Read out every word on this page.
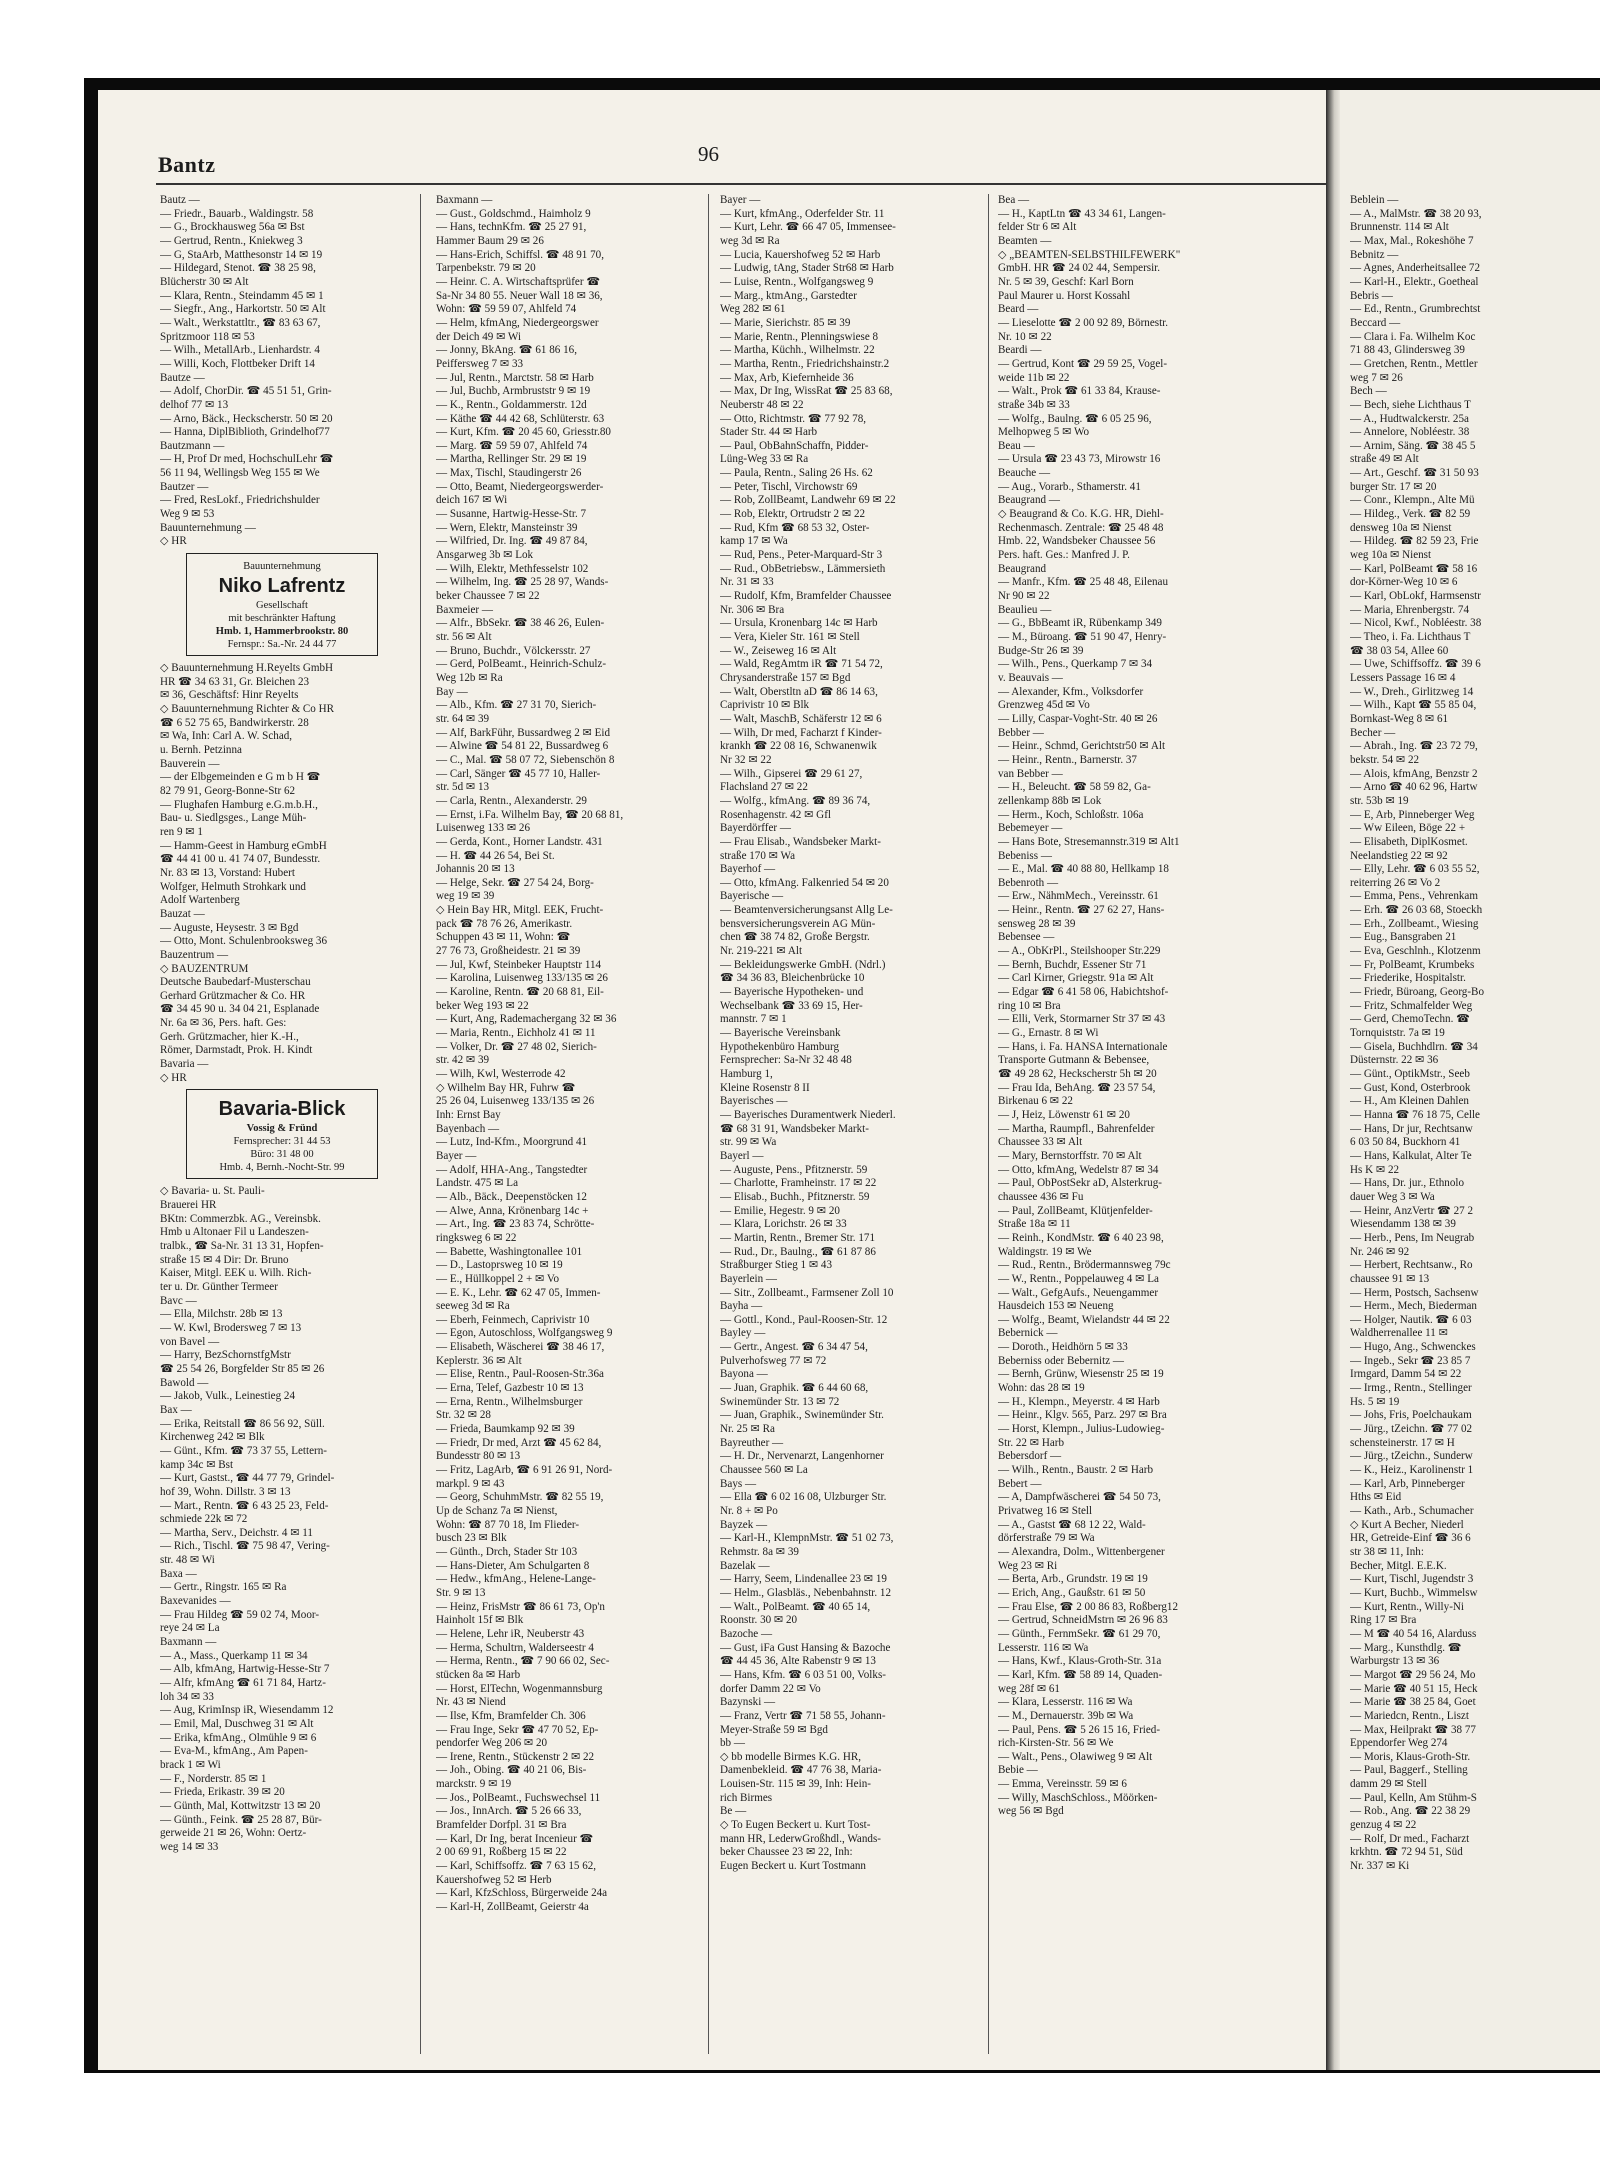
Bantz	96
Bautz —
— Friedr., Bauarb., Waldingstr. 58
— G., Brockhausweg 56a ✉ Bst
— Gertrud, Rentn., Kniekweg 3
— G, StaArb, Matthesonstr 14 ✉ 19
— Hildegard, Stenot. ☎ 38 25 98,
Blücherstr 30 ✉ Alt
— Klara, Rentn., Steindamm 45 ✉ 1
— Siegfr., Ang., Harkortstr. 50 ✉ Alt
— Walt., Werkstattltr., ☎ 83 63 67,
Spritzmoor 118 ✉ 53
— Wilh., MetallArb., Lienhardstr. 4
— Willi, Koch, Flottbeker Drift 14
Bautze —
— Adolf, ChorDir. ☎ 45 51 51, Grin-
delhof 77 ✉ 13
— Arno, Bäck., Heckscherstr. 50 ✉ 20
— Hanna, DiplBiblioth, Grindelhof77
Bautzmann —
— H, Prof Dr med, HochschulLehr ☎
56 11 94, Wellingsb Weg 155 ✉ We
Bautzer —
— Fred, ResLokf., Friedrichshulder
Weg 9 ✉ 53
Bauunternehmung —
◇ HR
Bauunternehmung
Niko Lafrentz
Gesellschaft
mit beschränkter Haftung
Hmb. 1, Hammerbrookstr. 80
Fernspr.: Sa.-Nr. 24 44 77
◇ Bauunternehmung H.Reyelts GmbH
HR ☎ 34 63 31, Gr. Bleichen 23
✉ 36, Geschäftsf: Hinr Reyelts
◇ Bauunternehmung Richter & Co HR
☎ 6 52 75 65, Bandwirkerstr. 28
✉ Wa, Inh: Carl A. W. Schad,
u. Bernh. Petzinna
Bauverein —
— der Elbgemeinden e G m b H ☎
82 79 91, Georg-Bonne-Str 62
— Flughafen Hamburg e.G.m.b.H.,
Bau- u. Siedlgsges., Lange Müh-
ren 9 ✉ 1
— Hamm-Geest in Hamburg eGmbH
☎ 44 41 00 u. 41 74 07, Bundesstr.
Nr. 83 ✉ 13, Vorstand: Hubert
Wolfger, Helmuth Strohkark und
Adolf Wartenberg
Bauzat —
— Auguste, Heysestr. 3 ✉ Bgd
— Otto, Mont. Schulenbrooksweg 36
Bauzentrum —
◇ BAUZENTRUM
Deutsche Baubedarf-Musterschau
Gerhard Grützmacher & Co. HR
☎ 34 45 90 u. 34 04 21, Esplanade
Nr. 6a ✉ 36, Pers. haft. Ges:
Gerh. Grützmacher, hier K.-H.,
Römer, Darmstadt, Prok. H. Kindt
Bavaria —
◇ HR
Bavaria-Blick
Vossig & Fründ
Fernsprecher: 31 44 53
Büro: 31 48 00
Hmb. 4, Bernh.-Nocht-Str. 99
◇ Bavaria- u. St. Pauli-
Brauerei HR
BKtn: Commerzbk. AG., Vereinsbk.
Hmb u Altonaer Fil u Landeszen-
tralbk., ☎ Sa-Nr. 31 13 31, Hopfen-
straße 15 ✉ 4 Dir: Dr. Bruno
Kaiser, Mitgl. EEK u. Wilh. Rich-
ter u. Dr. Günther Termeer
Bavc —
— Ella, Milchstr. 28b ✉ 13
— W. Kwl, Brodersweg 7 ✉ 13
von Bavel —
— Harry, BezSchornstfgMstr
☎ 25 54 26, Borgfelder Str 85 ✉ 26
Bawold —
— Jakob, Vulk., Leinestieg 24
Bax —
— Erika, Reitstall ☎ 86 56 92, Süll.
Kirchenweg 242 ✉ Blk
— Günt., Kfm. ☎ 73 37 55, Lettern-
kamp 34c ✉ Bst
— Kurt, Gastst., ☎ 44 77 79, Grindel-
hof 39, Wohn. Dillstr. 3 ✉ 13
— Mart., Rentn. ☎ 6 43 25 23, Feld-
schmiede 22k ✉ 72
— Martha, Serv., Deichstr. 4 ✉ 11
— Rich., Tischl. ☎ 75 98 47, Vering-
str. 48 ✉ Wi
Baxa —
— Gertr., Ringstr. 165 ✉ Ra
Baxevanides —
— Frau Hildeg ☎ 59 02 74, Moor-
reye 24 ✉ La
Baxmann —
— A., Mass., Querkamp 11 ✉ 34
— Alb, kfmAng, Hartwig-Hesse-Str 7
— Alfr, kfmAng ☎ 61 71 84, Hartz-
loh 34 ✉ 33
— Aug, KrimInsp iR, Wiesendamm 12
— Emil, Mal, Duschweg 31 ✉ Alt
— Erika, kfmAng., Olmühle 9 ✉ 6
— Eva-M., kfmAng., Am Papen-
brack 1 ✉ Wi
— F., Norderstr. 85 ✉ 1
— Frieda, Erikastr. 39 ✉ 20
— Günth, Mal, Kottwitzstr 13 ✉ 20
— Günth., Feink. ☎ 25 28 87, Bür-
gerweide 21 ✉ 26, Wohn: Oertz-
weg 14 ✉ 33
Baxmann —
— Gust., Goldschmd., Haimholz 9
— Hans, technKfm. ☎ 25 27 91,
Hammer Baum 29 ✉ 26
— Hans-Erich, Schiffsl. ☎ 48 91 70,
Tarpenbekstr. 79 ✉ 20
— Heinr. C. A. Wirtschaftsprüfer ☎
Sa-Nr 34 80 55. Neuer Wall 18 ✉ 36,
Wohn: ☎ 59 59 07, Ahlfeld 74
— Helm, kfmAng, Niedergeorgswer
der Deich 49 ✉ Wi
— Jonny, BkAng. ☎ 61 86 16,
Peiffersweg 7 ✉ 33
— Jul, Rentn., Marctstr. 58 ✉ Harb
— Jul, Buchb, Armbruststr 9 ✉ 19
— K., Rentn., Goldammerstr. 12d
— Käthe ☎ 44 42 68, Schlüterstr. 63
— Kurt, Kfm. ☎ 20 45 60, Griesstr.80
— Marg. ☎ 59 59 07, Ahlfeld 74
— Martha, Rellinger Str. 29 ✉ 19
— Max, Tischl, Staudingerstr 26
— Otto, Beamt, Niedergeorgswerder-
deich 167 ✉ Wi
— Susanne, Hartwig-Hesse-Str. 7
— Wern, Elektr, Mansteinstr 39
— Wilfried, Dr. Ing. ☎ 49 87 84,
Ansgarweg 3b ✉ Lok
— Wilh, Elektr, Methfesselstr 102
— Wilhelm, Ing. ☎ 25 28 97, Wands-
beker Chaussee 7 ✉ 22
Baxmeier —
— Alfr., BbSekr. ☎ 38 46 26, Eulen-
str. 56 ✉ Alt
— Bruno, Buchdr., Völckersstr. 27
— Gerd, PolBeamt., Heinrich-Schulz-
Weg 12b ✉ Ra
Bay —
— Alb., Kfm. ☎ 27 31 70, Sierich-
str. 64 ✉ 39
— Alf, BarkFühr, Bussardweg 2 ✉ Eid
— Alwine ☎ 54 81 22, Bussardweg 6
— C., Mal. ☎ 58 07 72, Siebenschön 8
— Carl, Sänger ☎ 45 77 10, Haller-
str. 5d ✉ 13
— Carla, Rentn., Alexanderstr. 29
— Ernst, i.Fa. Wilhelm Bay, ☎ 20 68 81,
Luisenweg 133 ✉ 26
— Gerda, Kont., Horner Landstr. 431
— H. ☎ 44 26 54, Bei St.
Johannis 20 ✉ 13
— Helge, Sekr. ☎ 27 54 24, Borg-
weg 19 ✉ 39
◇ Hein Bay HR, Mitgl. EEK, Frucht-
pack ☎ 78 76 26, Amerikastr.
Schuppen 43 ✉ 11, Wohn: ☎
27 76 73, Großheidestr. 21 ✉ 39
— Jul, Kwf, Steinbeker Hauptstr 114
— Karolina, Luisenweg 133/135 ✉ 26
— Karoline, Rentn. ☎ 20 68 81, Eil-
beker Weg 193 ✉ 22
— Kurt, Ang, Rademachergang 32 ✉ 36
— Maria, Rentn., Eichholz 41 ✉ 11
— Volker, Dr. ☎ 27 48 02, Sierich-
str. 42 ✉ 39
— Wilh, Kwl, Westerrode 42
◇ Wilhelm Bay HR, Fuhrw ☎
25 26 04, Luisenweg 133/135 ✉ 26
Inh: Ernst Bay
Bayenbach —
— Lutz, Ind-Kfm., Moorgrund 41
Bayer —
— Adolf, HHA-Ang., Tangstedter
Landstr. 475 ✉ La
— Alb., Bäck., Deepenstöcken 12
— Alwe, Anna, Krönenbarg 14c +
— Art., Ing. ☎ 23 83 74, Schrötte-
ringksweg 6 ✉ 22
— Babette, Washingtonallee 101
— D., Lastoprsweg 10 ✉ 19
— E., Hüllkoppel 2 + ✉ Vo
— E. K., Lehr. ☎ 62 47 05, Immen-
seeweg 3d ✉ Ra
— Eberh, Feinmech, Caprivistr 10
— Egon, Autoschloss, Wolfgangsweg 9
— Elisabeth, Wäscherei ☎ 38 46 17,
Keplerstr. 36 ✉ Alt
— Elise, Rentn., Paul-Roosen-Str.36a
— Erna, Telef, Gazbestr 10 ✉ 13
— Erna, Rentn., Wilhelmsburger
Str. 32 ✉ 28
— Frieda, Baumkamp 92 ✉ 39
— Friedr, Dr med, Arzt ☎ 45 62 84,
Bundesstr 80 ✉ 13
— Fritz, LagArb, ☎ 6 91 26 91, Nord-
markpl. 9 ✉ 43
— Georg, SchuhmMstr. ☎ 82 55 19,
Up de Schanz 7a ✉ Nienst,
Wohn: ☎ 87 70 18, Im Flieder-
busch 23 ✉ Blk
— Günth., Drch, Stader Str 103
— Hans-Dieter, Am Schulgarten 8
— Hedw., kfmAng., Helene-Lange-
Str. 9 ✉ 13
— Heinz, FrisMstr ☎ 86 61 73, Op'n
Hainholt 15f ✉ Blk
— Helene, Lehr iR, Neuberstr 43
— Herma, Schultrn, Walderseestr 4
— Herma, Rentn., ☎ 7 90 66 02, Sec-
stücken 8a ✉ Harb
— Horst, ElTechn, Wogenmannsburg
Nr. 43 ✉ Niend
— Ilse, Kfm, Bramfelder Ch. 306
— Frau Inge, Sekr ☎ 47 70 52, Ep-
pendorfer Weg 206 ✉ 20
— Irene, Rentn., Stückenstr 2 ✉ 22
— Joh., Obing. ☎ 40 21 06, Bis-
marckstr. 9 ✉ 19
— Jos., PolBeamt., Fuchswechsel 11
— Jos., InnArch. ☎ 5 26 66 33,
Bramfelder Dorfpl. 31 ✉ Bra
— Karl, Dr Ing, berat Incenieur ☎
2 00 69 91, Roßberg 15 ✉ 22
— Karl, Schiffsoffz. ☎ 7 63 15 62,
Kauershofweg 52 ✉ Herb
— Karl, KfzSchloss, Bürgerweide 24a
— Karl-H, ZollBeamt, Geierstr 4a
Bayer —
— Kurt, kfmAng., Oderfelder Str. 11
— Kurt, Lehr. ☎ 66 47 05, Immensee-
weg 3d ✉ Ra
— Lucia, Kauershofweg 52 ✉ Harb
— Ludwig, tAng, Stader Str68 ✉ Harb
— Luise, Rentn., Wolfgangsweg 9
— Marg., ktmAng., Garstedter
Weg 282 ✉ 61
— Marie, Sierichstr. 85 ✉ 39
— Marie, Rentn., Plenningswiese 8
— Martha, Küchh., Wilhelmstr. 22
— Martha, Rentn., Friedrichshainstr.2
— Max, Arb, Kiefernheide 36
— Max, Dr Ing, WissRat ☎ 25 83 68,
Neuberstr 48 ✉ 22
— Otto, Richtmstr. ☎ 77 92 78,
Stader Str. 44 ✉ Harb
— Paul, ObBahnSchaffn, Pidder-
Lüng-Weg 33 ✉ Ra
— Paula, Rentn., Saling 26 Hs. 62
— Peter, Tischl, Virchowstr 69
— Rob, ZollBeamt, Landwehr 69 ✉ 22
— Rob, Elektr, Ortrudstr 2 ✉ 22
— Rud, Kfm ☎ 68 53 32, Oster-
kamp 17 ✉ Wa
— Rud, Pens., Peter-Marquard-Str 3
— Rud., ObBetriebsw., Lämmersieth
Nr. 31 ✉ 33
— Rudolf, Kfm, Bramfelder Chaussee
Nr. 306 ✉ Bra
— Ursula, Kronenbarg 14c ✉ Harb
— Vera, Kieler Str. 161 ✉ Stell
— W., Zeiseweg 16 ✉ Alt
— Wald, RegAmtm iR ☎ 71 54 72,
Chrysanderstraße 157 ✉ Bgd
— Walt, Oberstltn aD ☎ 86 14 63,
Caprivistr 10 ✉ Blk
— Walt, MaschB, Schäferstr 12 ✉ 6
— Wilh, Dr med, Facharzt f Kinder-
krankh ☎ 22 08 16, Schwanenwik
Nr 32 ✉ 22
— Wilh., Gipserei ☎ 29 61 27,
Flachsland 27 ✉ 22
— Wolfg., kfmAng. ☎ 89 36 74,
Rosenhagenstr. 42 ✉ Gfl
Bayerdörffer —
— Frau Elisab., Wandsbeker Markt-
straße 170 ✉ Wa
Bayerhof —
— Otto, kfmAng. Falkenried 54 ✉ 20
Bayerische —
— Beamtenversicherungsanst Allg Le-
bensversicherungsverein AG Mün-
chen ☎ 38 74 82, Große Bergstr.
Nr. 219-221 ✉ Alt
— Bekleidungswerke GmbH. (Ndrl.)
☎ 34 36 83, Bleichenbrücke 10
— Bayerische Hypotheken- und
Wechselbank ☎ 33 69 15, Her-
mannstr. 7 ✉ 1
— Bayerische Vereinsbank
Hypothekenbüro Hamburg
Fernsprecher: Sa-Nr 32 48 48
Hamburg 1,
Kleine Rosenstr 8 II
Bayerisches —
— Bayerisches Duramentwerk Niederl.
☎ 68 31 91, Wandsbeker Markt-
str. 99 ✉ Wa
Bayerl —
— Auguste, Pens., Pfitznerstr. 59
— Charlotte, Framheinstr. 17 ✉ 22
— Elisab., Buchh., Pfitznerstr. 59
— Emilie, Hegestr. 9 ✉ 20
— Klara, Lorichstr. 26 ✉ 33
— Martin, Rentn., Bremer Str. 171
— Rud., Dr., Baulng., ☎ 61 87 86
Straßburger Stieg 1 ✉ 43
Bayerlein —
— Sitr., Zollbeamt., Farmsener Zoll 10
Bayha —
— Gottl., Kond., Paul-Roosen-Str. 12
Bayley —
— Gertr., Angest. ☎ 6 34 47 54,
Pulverhofsweg 77 ✉ 72
Bayona —
— Juan, Graphik. ☎ 6 44 60 68,
Swinemünder Str. 13 ✉ 72
— Juan, Graphik., Swinemünder Str.
Nr. 25 ✉ Ra
Bayreuther —
— H. Dr., Nervenarzt, Langenhorner
Chaussee 560 ✉ La
Bays —
— Ella ☎ 6 02 16 08, Ulzburger Str.
Nr. 8 + ✉ Po
Bayzek —
— Karl-H., KlempnMstr. ☎ 51 02 73,
Rehmstr. 8a ✉ 39
Bazelak —
— Harry, Seem, Lindenallee 23 ✉ 19
— Helm., Glasbläs., Nebenbahnstr. 12
— Walt., PolBeamt. ☎ 40 65 14,
Roonstr. 30 ✉ 20
Bazoche —
— Gust, iFa Gust Hansing & Bazoche
☎ 44 45 36, Alte Rabenstr 9 ✉ 13
— Hans, Kfm. ☎ 6 03 51 00, Volks-
dorfer Damm 22 ✉ Vo
Bazynski —
— Franz, Vertr ☎ 71 58 55, Johann-
Meyer-Straße 59 ✉ Bgd
bb —
◇ bb modelle Birmes K.G. HR,
Damenbekleid. ☎ 47 76 38, Maria-
Louisen-Str. 115 ✉ 39, Inh: Hein-
rich Birmes
Be —
◇ To Eugen Beckert u. Kurt Tost-
mann HR, LederwGroßhdl., Wands-
beker Chaussee 23 ✉ 22, Inh:
Eugen Beckert u. Kurt Tostmann
Bea —
— H., KaptLtn ☎ 43 34 61, Langen-
felder Str 6 ✉ Alt
Beamten —
◇ „BEAMTEN-SELBSTHILFEWERK"
GmbH. HR ☎ 24 02 44, Sempersir.
Nr. 5 ✉ 39, Geschf: Karl Born
Paul Maurer u. Horst Kossahl
Beard —
— Lieselotte ☎ 2 00 92 89, Börnestr.
Nr. 10 ✉ 22
Beardi —
— Gertrud, Kont ☎ 29 59 25, Vogel-
weide 11b ✉ 22
— Walt., Prok ☎ 61 33 84, Krause-
straße 34b ✉ 33
— Wolfg., Baulng. ☎ 6 05 25 96,
Melhopweg 5 ✉ Wo
Beau —
— Ursula ☎ 23 43 73, Mirowstr 16
Beauche —
— Aug., Vorarb., Sthamerstr. 41
Beaugrand —
◇ Beaugrand & Co. K.G. HR, Diehl-
Rechenmasch. Zentrale: ☎ 25 48 48
Hmb. 22, Wandsbeker Chaussee 56
Pers. haft. Ges.: Manfred J. P.
Beaugrand
— Manfr., Kfm. ☎ 25 48 48, Eilenau
Nr 90 ✉ 22
Beaulieu —
— G., BbBeamt iR, Rübenkamp 349
— M., Büroang. ☎ 51 90 47, Henry-
Budge-Str 26 ✉ 39
— Wilh., Pens., Querkamp 7 ✉ 34
v. Beauvais —
— Alexander, Kfm., Volksdorfer
Grenzweg 45d ✉ Vo
— Lilly, Caspar-Voght-Str. 40 ✉ 26
Bebber —
— Heinr., Schmd, Gerichtstr50 ✉ Alt
— Heinr., Rentn., Barnerstr. 37
van Bebber —
— H., Beleucht. ☎ 58 59 82, Ga-
zellenkamp 88b ✉ Lok
— Herm., Koch, Schloßstr. 106a
Bebemeyer —
— Hans Bote, Stresemannstr.319 ✉ Alt1
Bebeniss —
— E., Mal. ☎ 40 88 80, Hellkamp 18
Bebenroth —
— Erw., NähmMech., Vereinsstr. 61
— Heinr., Rentn. ☎ 27 62 27, Hans-
sensweg 28 ✉ 39
Bebensee —
— A., ObKrPl., Steilshooper Str.229
— Bernh, Buchdr, Essener Str 71
— Carl Kirner, Griegstr. 91a ✉ Alt
— Edgar ☎ 6 41 58 06, Habichtshof-
ring 10 ✉ Bra
— Elli, Verk, Stormarner Str 37 ✉ 43
— G., Ernastr. 8 ✉ Wi
— Hans, i. Fa. HANSA Internationale
Transporte Gutmann & Bebensee,
☎ 49 28 62, Heckscherstr 5h ✉ 20
— Frau Ida, BehAng. ☎ 23 57 54,
Birkenau 6 ✉ 22
— J, Heiz, Löwenstr 61 ✉ 20
— Martha, Raumpfl., Bahrenfelder
Chaussee 33 ✉ Alt
— Mary, Bernstorffstr. 70 ✉ Alt
— Otto, kfmAng, Wedelstr 87 ✉ 34
— Paul, ObPostSekr aD, Alsterkrug-
chaussee 436 ✉ Fu
— Paul, ZollBeamt, Klütjenfelder-
Straße 18a ✉ 11
— Reinh., KondMstr. ☎ 6 40 23 98,
Waldingstr. 19 ✉ We
— Rud., Rentn., Brödermannsweg 79c
— W., Rentn., Poppelauweg 4 ✉ La
— Walt., GefgAufs., Neuengammer
Hausdeich 153 ✉ Neueng
— Wolfg., Beamt, Wielandstr 44 ✉ 22
Bebernick —
— Doroth., Heidhörn 5 ✉ 33
Beberniss oder Bebernitz —
— Bernh, Grünw, Wiesenstr 25 ✉ 19
Wohn: das 28 ✉ 19
— H., Klempn., Meyerstr. 4 ✉ Harb
— Heinr., Klgv. 565, Parz. 297 ✉ Bra
— Horst, Klempn., Julius-Ludowieg-
Str. 22 ✉ Harb
Bebersdorf —
— Wilh., Rentn., Baustr. 2 ✉ Harb
Bebert —
— A, Dampfwäscherei ☎ 54 50 73,
Privatweg 16 ✉ Stell
— A., Gastst ☎ 68 12 22, Wald-
dörferstraße 79 ✉ Wa
— Alexandra, Dolm., Wittenbergener
Weg 23 ✉ Ri
— Berta, Arb., Grundstr. 19 ✉ 19
— Erich, Ang., Gaußstr. 61 ✉ 50
— Frau Else, ☎ 2 00 86 83, Roßberg12
— Gertrud, SchneidMstrn ✉ 26 96 83
— Günth., FernmSekr. ☎ 61 29 70,
Lesserstr. 116 ✉ Wa
— Hans, Kwf., Klaus-Groth-Str. 31a
— Karl, Kfm. ☎ 58 89 14, Quaden-
weg 28f ✉ 61
— Klara, Lesserstr. 116 ✉ Wa
— M., Dernauerstr. 39b ✉ Wa
— Paul, Pens. ☎ 5 26 15 16, Fried-
rich-Kirsten-Str. 56 ✉ We
— Walt., Pens., Olawiweg 9 ✉ Alt
Bebie —
— Emma, Vereinsstr. 59 ✉ 6
— Willy, MaschSchloss., Möörken-
weg 56 ✉ Bgd
Beblein —
— A., MalMstr. ☎ 38 20 93,
Brunnenstr. 114 ✉ Alt
— Max, Mal., Rokeshöhe 7
Bebnitz —
— Agnes, Anderheitsallee 72
— Karl-H., Elektr., Goetheal
Bebris —
— Ed., Rentn., Grumbrechtst
Beccard —
— Clara i. Fa. Wilhelm Koc
71 88 43, Glindersweg 39
— Gretchen, Rentn., Mettler
weg 7 ✉ 26
Bech —
— Bech, siehe Lichthaus T
— A., Hudtwalckerstr. 25a
— Annelore, Nobléestr. 38
— Arnim, Säng. ☎ 38 45 5
straße 49 ✉ Alt
— Art., Geschf. ☎ 31 50 93
burger Str. 17 ✉ 20
— Conr., Klempn., Alte Mü
— Hildeg., Verk. ☎ 82 59
densweg 10a ✉ Nienst
— Hildeg. ☎ 82 59 23, Frie
weg 10a ✉ Nienst
— Karl, PolBeamt ☎ 58 16
dor-Körner-Weg 10 ✉ 6
— Karl, ObLokf, Harmsenstr
— Maria, Ehrenbergstr. 74
— Nicol, Kwf., Nobléestr. 38
— Theo, i. Fa. Lichthaus T
☎ 38 03 54, Allee 60
— Uwe, Schiffsoffz. ☎ 39 6
Lessers Passage 16 ✉ 4
— W., Dreh., Girlitzweg 14
— Wilh., Kapt ☎ 55 85 04,
Bornkast-Weg 8 ✉ 61
Becher —
— Abrah., Ing. ☎ 23 72 79,
bekstr. 54 ✉ 22
— Alois, kfmAng, Benzstr 2
— Arno ☎ 40 62 96, Hartw
str. 53b ✉ 19
— E, Arb, Pinneberger Weg
— Ww Eileen, Böge 22 +
— Elisabeth, DiplKosmet.
Neelandstieg 22 ✉ 92
— Elly, Lehr. ☎ 6 03 55 52,
reiterring 26 ✉ Vo 2
— Emma, Pens., Vehrenkam
— Erh. ☎ 26 03 68, Stoeckh
— Erh., Zollbeamt., Wiesing
— Eug., Bansgraben 21
— Eva, Geschlnh., Klotzenm
— Fr, PolBeamt, Krumbeks
— Friederike, Hospitalstr.
— Friedr, Büroang, Georg-Bo
— Fritz, Schmalfelder Weg
— Gerd, ChemoTechn. ☎
Tornquiststr. 7a ✉ 19
— Gisela, Buchhdlrn. ☎ 34
Düsternstr. 22 ✉ 36
— Günt., OptikMstr., Seeb
— Gust, Kond, Osterbrook
— H., Am Kleinen Dahlen
— Hanna ☎ 76 18 75, Celle
— Hans, Dr jur, Rechtsanw
6 03 50 84, Buckhorn 41
— Hans, Kalkulat, Alter Te
Hs K ✉ 22
— Hans, Dr. jur., Ethnolo
dauer Weg 3 ✉ Wa
— Heinr, AnzVertr ☎ 27 2
Wiesendamm 138 ✉ 39
— Herb., Pens, Im Neugrab
Nr. 246 ✉ 92
— Herbert, Rechtsanw., Ro
chaussee 91 ✉ 13
— Herm, Postsch, Sachsenw
— Herm., Mech, Biederman
— Holger, Nautik. ☎ 6 03
Waldherrenallee 11 ✉
— Hugo, Ang., Schwenckes
— Ingeb., Sekr ☎ 23 85 7
Irmgard, Damm 54 ✉ 22
— Irmg., Rentn., Stellinger
Hs. 5 ✉ 19
— Johs, Fris, Poelchaukam
— Jürg., tZeichn. ☎ 77 02
schensteinerstr. 17 ✉ H
— Jürg., tZeichn., Sunderw
— K., Heiz., Karolinenstr 1
— Karl, Arb, Pinneberger
Hths ✉ Eid
— Kath., Arb., Schumacher
◇ Kurt A Becher, Niederl
HR, Getreide-Einf ☎ 36 6
str 38 ✉ 11, Inh:
Becher, Mitgl. E.E.K.
— Kurt, Tischl, Jugendstr 3
— Kurt, Buchb., Wimmelsw
— Kurt, Rentn., Willy-Ni
Ring 17 ✉ Bra
— M ☎ 40 54 16, Alarduss
— Marg., Kunsthdlg. ☎
Warburgstr 13 ✉ 36
— Margot ☎ 29 56 24, Mo
— Marie ☎ 40 51 15, Heck
— Marie ☎ 38 25 84, Goet
— Mariedcn, Rentn., Liszt
— Max, Heilprakt ☎ 38 77
Eppendorfer Weg 274
— Moris, Klaus-Groth-Str.
— Paul, Baggerf., Stelling
damm 29 ✉ Stell
— Paul, Kelln, Am Stühm-S
— Rob., Ang. ☎ 22 38 29
genzug 4 ✉ 22
— Rolf, Dr med., Facharzt
krkhtn. ☎ 72 94 51, Süd
Nr. 337 ✉ Ki
